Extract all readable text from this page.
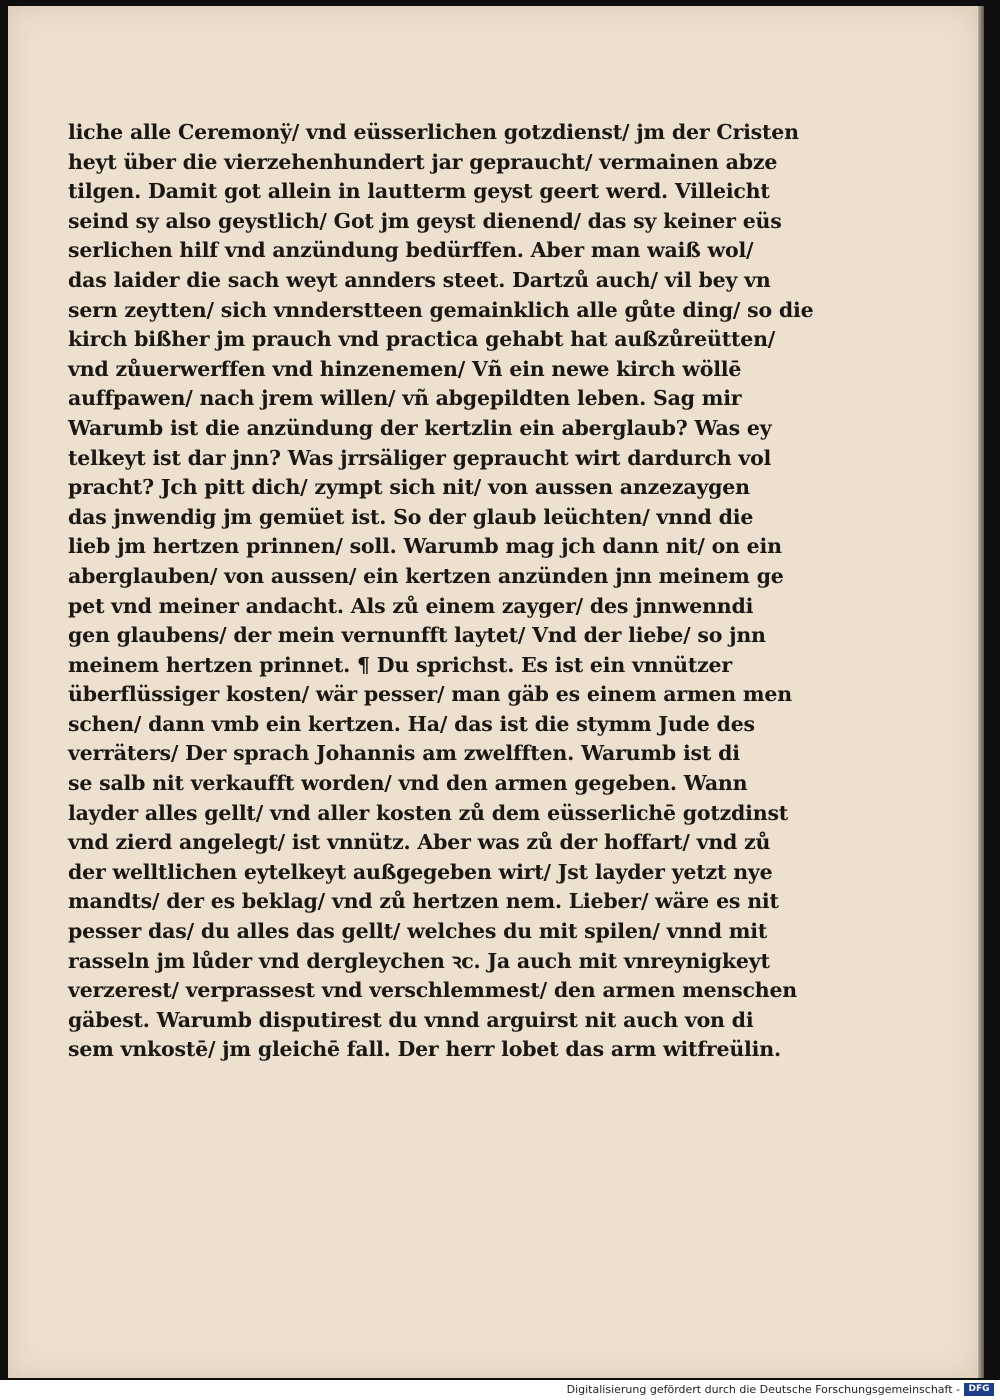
liche alle Ceremonÿ/ vnd eüsserlichen gotzdienst/ jm der Cristen
heyt über die vierzehenhundert jar gepraucht/ vermainen abze
tilgen. Damit got allein in lautterm geyst geert werd. Villeicht
seind sy also geystlich/ Got jm geyst dienend/ das sy keiner eüs
serlichen hilf vnd anzündung bedürffen. Aber man waiß wol/
das laider die sach weyt annders steet. Dartzů auch/ vil bey vn
sern zeytten/ sich vnnderstteen gemainklich alle gůte ding/ so die
kirch bißher jm prauch vnd practica gehabt hat außzůreütten/
vnd zůuerwerffen vnd hinzenemen/ Vñ ein newe kirch wöllē
auffpawen/ nach jrem willen/ vñ abgepildten leben. Sag mir
Warumb ist die anzündung der kertzlin ein aberglaub? Was ey
telkeyt ist dar jnn? Was jrrsäliger gepraucht wirt dardurch vol
pracht? Jch pitt dich/ zympt sich nit/ von aussen anzezaygen
das jnwendig jm gemüet ist. So der glaub leüchten/ vnnd die
lieb jm hertzen prinnen/ soll. Warumb mag jch dann nit/ on ein
aberglauben/ von aussen/ ein kertzen anzünden jnn meinem ge
pet vnd meiner andacht. Als zů einem zayger/ des jnnwenndi
gen glaubens/ der mein vernunfft laytet/ Vnd der liebe/ so jnn
meinem hertzen prinnet. ¶ Du sprichst. Es ist ein vnnützer
überflüssiger kosten/ wär pesser/ man gäb es einem armen men
schen/ dann vmb ein kertzen. Ha/ das ist die stymm Jude des
verräters/ Der sprach Johannis am zwelfften. Warumb ist di
se salb nit verkaufft worden/ vnd den armen gegeben. Wann
layder alles gellt/ vnd aller kosten zů dem eüsserlichē gotzdinst
vnd zierd angelegt/ ist vnnütz. Aber was zů der hoffart/ vnd zů
der welltlichen eytelkeyt außgegeben wirt/ Jst layder yetzt nye
mandts/ der es beklag/ vnd zů hertzen nem. Lieber/ wäre es nit
pesser das/ du alles das gellt/ welches du mit spilen/ vnnd mit
rasseln jm lůder vnd dergleychen ꝛc. Ja auch mit vnreynigkeyt
verzerest/ verprassest vnd verschlemmest/ den armen menschen
gäbest. Warumb disputirest du vnnd arguirst nit auch von di
sem vnkostē/ jm gleichē fall. Der herr lobet das arm witfreülin.
Digitalisierung gefördert durch die Deutsche Forschungsgemeinschaft - DFG
